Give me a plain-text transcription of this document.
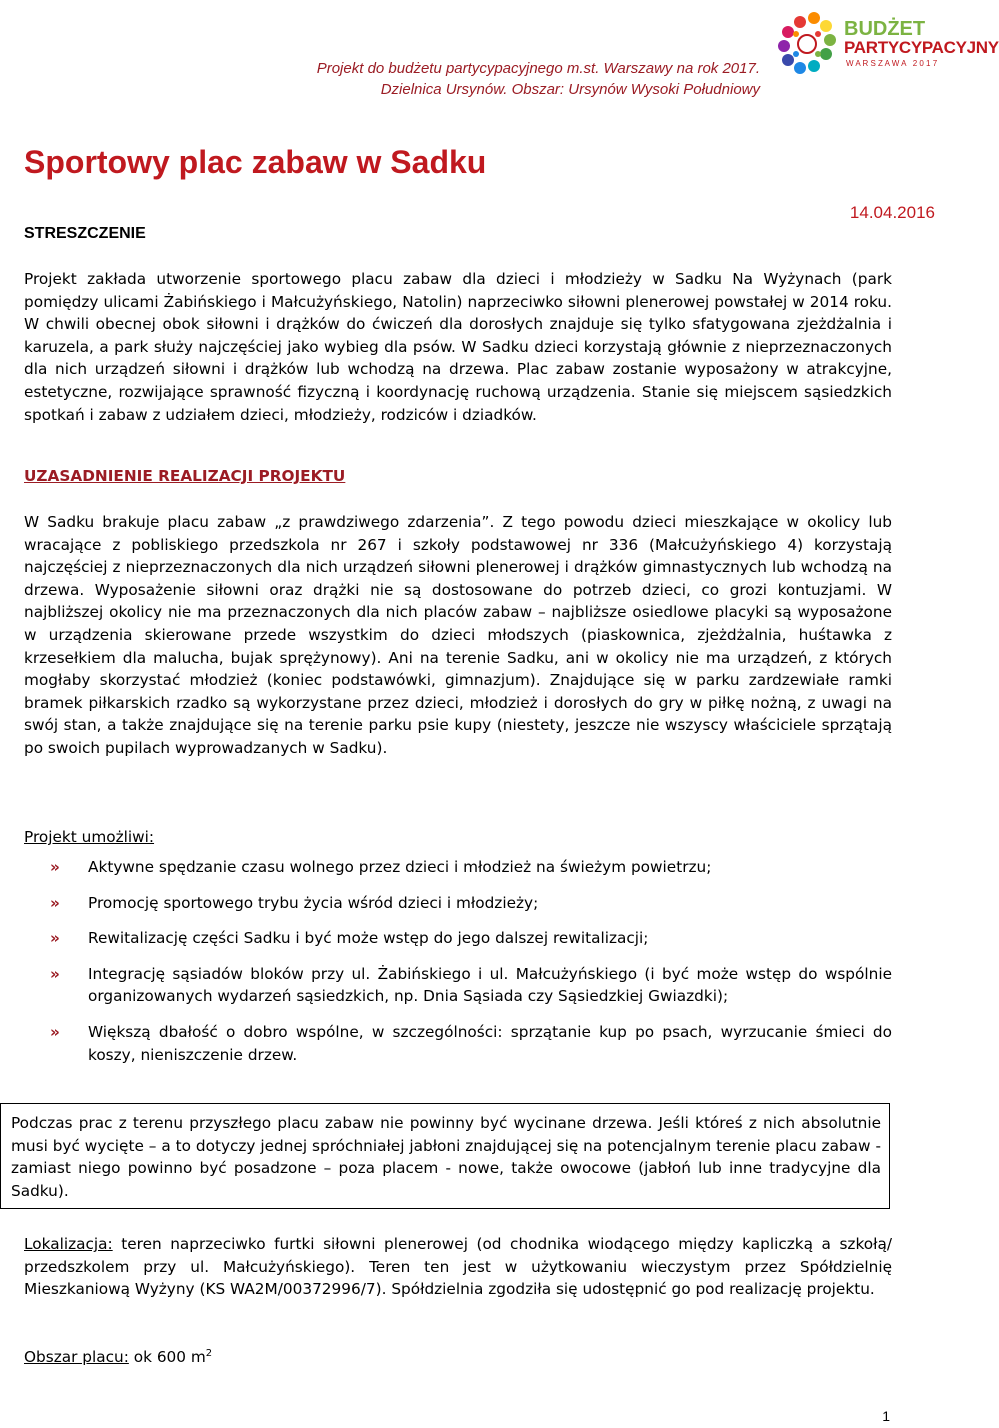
Projekt do budżetu partycypacyjnego m.st. Warszawy na rok 2017.
Dzielnica Ursynów. Obszar: Ursynów Wysoki Południowy
BUDŻET
PARTYCYPACYJNY
W A R S Z A W A   2 0 1 7
Sportowy plac zabaw w Sadku
STRESZCZENIE
14.04.2016

Projekt zakłada utworzenie sportowego placu zabaw dla dzieci i młodzieży w Sadku Na Wyżynach (park pomiędzy ulicami Żabińskiego i Małcużyńskiego, Natolin) naprzeciwko siłowni plenerowej powstałej w 2014 roku. W chwili obecnej obok siłowni i drążków do ćwiczeń dla dorosłych znajduje się tylko sfatygowana zjeżdżalnia i karuzela, a park służy najczęściej jako wybieg dla psów. W Sadku dzieci korzystają głównie z nieprzeznaczonych dla nich urządzeń siłowni i drążków lub wchodzą na drzewa. Plac zabaw zostanie wyposażony w atrakcyjne, estetyczne, rozwijające sprawność fizyczną i koordynację ruchową urządzenia. Stanie się miejscem sąsiedzkich spotkań i zabaw z udziałem dzieci, młodzieży, rodziców i dziadków.

UZASADNIENIE REALIZACJI PROJEKTU

W Sadku brakuje placu zabaw „z prawdziwego zdarzenia”. Z tego powodu dzieci mieszkające w okolicy lub wracające z pobliskiego przedszkola nr 267 i szkoły podstawowej nr 336 (Małcużyńskiego 4) korzystają najczęściej z nieprzeznaczonych dla nich urządzeń siłowni plenerowej i drążków gimnastycznych lub wchodzą na drzewa. Wyposażenie siłowni oraz drążki nie są dostosowane do potrzeb dzieci, co grozi kontuzjami. W najbliższej okolicy nie ma przeznaczonych dla nich placów zabaw – najbliższe osiedlowe placyki są wyposażone w urządzenia skierowane przede wszystkim do dzieci młodszych (piaskownica, zjeżdżalnia, huśtawka z krzesełkiem dla malucha, bujak sprężynowy). Ani na terenie Sadku, ani w okolicy nie ma urządzeń, z których mogłaby skorzystać młodzież (koniec podstawówki, gimnazjum). Znajdujące się w parku zardzewiałe ramki bramek piłkarskich rzadko są wykorzystane przez dzieci, młodzież i dorosłych do gry w piłkę nożną, z uwagi na swój stan, a także znajdujące się na terenie parku psie kupy (niestety, jeszcze nie wszyscy właściciele sprzątają po swoich pupilach wyprowadzanych w Sadku).

Projekt umożliwi:
» Aktywne spędzanie czasu wolnego przez dzieci i młodzież na świeżym powietrzu;
» Promocję sportowego trybu życia wśród dzieci i młodzieży;
» Rewitalizację części Sadku i być może wstęp do jego dalszej rewitalizacji;
» Integrację sąsiadów bloków przy ul. Żabińskiego i ul. Małcużyńskiego (i być może wstęp do wspólnie organizowanych wydarzeń sąsiedzkich, np. Dnia Sąsiada czy Sąsiedzkiej Gwiazdki);
» Większą dbałość o dobro wspólne, w szczególności: sprzątanie kup po psach, wyrzucanie śmieci do koszy, nieniszczenie drzew.

Podczas prac z terenu przyszłego placu zabaw nie powinny być wycinane drzewa. Jeśli któreś z nich absolutnie musi być wycięte – a to dotyczy jednej spróchniałej jabłoni znajdującej się na potencjalnym terenie placu zabaw - zamiast niego powinno być posadzone – poza placem - nowe, także owocowe (jabłoń lub inne tradycyjne dla Sadku).

Lokalizacja: teren naprzeciwko furtki siłowni plenerowej (od chodnika wiodącego między kapliczką a szkołą/ przedszkolem przy ul. Małcużyńskiego). Teren ten jest w użytkowaniu wieczystym przez Spółdzielnię Mieszkaniową Wyżyny (KS WA2M/00372996/7). Spółdzielnia zgodziła się udostępnić go pod realizację projektu.

Obszar placu: ok 600 $m^2$
1
